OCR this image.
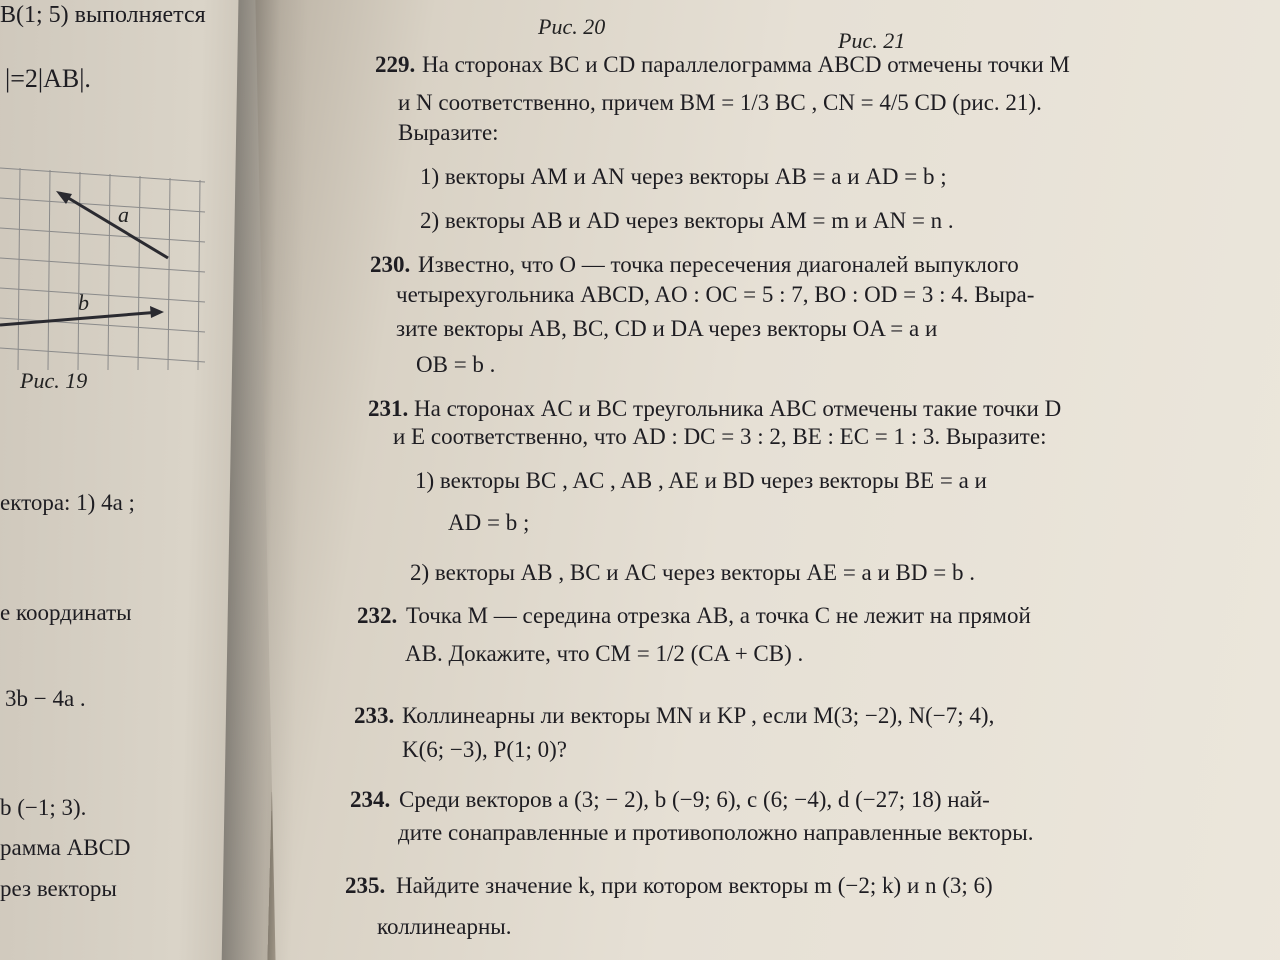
B(1; 5) выполняется
|=2|AB|.
a
b
Рис. 19
ектора: 1) 4a ;
е координаты
3b − 4a .
b (−1; 3).
рамма ABCD
рез векторы
Рис. 20
Рис. 21
229. На сторонах BC и CD параллелограмма ABCD отмечены точки M
и N соответственно, причем BM = 1/3 BC , CN = 4/5 CD (рис. 21).
Выразите:
1) векторы AM и AN через векторы AB = a и AD = b ;
2) векторы AB и AD через векторы AM = m и AN = n .
230. Известно, что O — точка пересечения диагоналей выпуклого
четырехугольника ABCD, AO : OC = 5 : 7, BO : OD = 3 : 4. Выра-
зите векторы AB, BC, CD и DA через векторы OA = a и
OB = b .
231. На сторонах AC и BC треугольника ABC отмечены такие точки D
и E соответственно, что AD : DC = 3 : 2, BE : EC = 1 : 3. Выразите:
1) векторы BC , AC , AB , AE и BD через векторы BE = a и
AD = b ;
2) векторы AB , BC и AC через векторы AE = a и BD = b .
232. Точка M — середина отрезка AB, а точка C не лежит на прямой
AB. Докажите, что CM = 1/2 (CA + CB) .
233. Коллинеарны ли векторы MN и KP , если M(3; −2), N(−7; 4),
K(6; −3), P(1; 0)?
234. Среди векторов a (3; − 2), b (−9; 6), c (6; −4), d (−27; 18) най-
дите сонаправленные и противоположно направленные векторы.
235. Найдите значение k, при котором векторы m (−2; k) и n (3; 6)
коллинеарны.
